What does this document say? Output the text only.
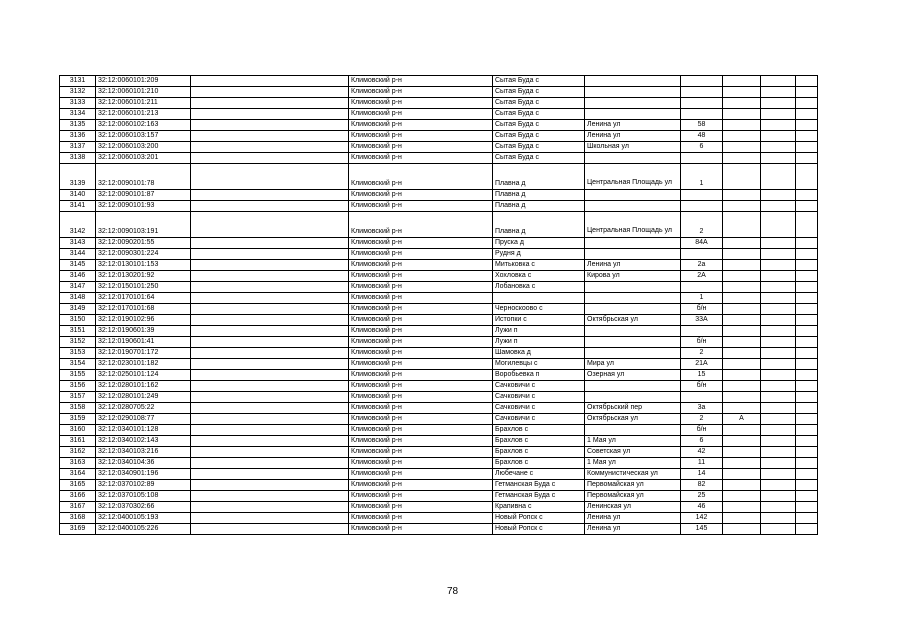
3131	32:12:0060101:209		Климовский р-н	Сытая Буда с					
3132	32:12:0060101:210		Климовский р-н	Сытая Буда с					
3133	32:12:0060101:211		Климовский р-н	Сытая Буда с					
3134	32:12:0060101:213		Климовский р-н	Сытая Буда с					
3135	32:12:0060102:163		Климовский р-н	Сытая Буда с	Ленина ул	58			
3136	32:12:0060103:157		Климовский р-н	Сытая Буда с	Ленина ул	48			
3137	32:12:0060103:200		Климовский р-н	Сытая Буда с	Школьная ул	6			
3138	32:12:0060103:201		Климовский р-н	Сытая Буда с					
3139	32:12:0090101:78		Климовский р-н	Плавна д	Центральная Площадь ул	1			
3140	32:12:0090101:87		Климовский р-н	Плавна д					
3141	32:12:0090101:93		Климовский р-н	Плавна д					
3142	32:12:0090103:191		Климовский р-н	Плавна д	Центральная Площадь ул	2			
3143	32:12:0090201:55		Климовский р-н	Пруска д		84А			
3144	32:12:0090301:224		Климовский р-н	Рудня д					
3145	32:12:0130101:153		Климовский р-н	Митьковка с	Ленина ул	2а			
3146	32:12:0130201:92		Климовский р-н	Хохловка с	Кирова ул	2А			
3147	32:12:0150101:250		Климовский р-н	Лобановка с					
3148	32:12:0170101:64		Климовский р-н			1			
3149	32:12:0170101:68		Климовский р-н	Черноскоово с		б/н			
3150	32:12:0190102:96		Климовский р-н	Истопки с	Октябрьская ул	33А			
3151	32:12:0190601:39		Климовский р-н	Лужи п					
3152	32:12:0190601:41		Климовский р-н	Лужи п		б/н			
3153	32:12:0190701:172		Климовский р-н	Шамовка д		2			
3154	32:12:0230101:182		Климовский р-н	Могилевцы с	Мира ул	21А			
3155	32:12:0250101:124		Климовский р-н	Воробьевка п	Озерная ул	15			
3156	32:12:0280101:162		Климовский р-н	Сачковичи с		б/н			
3157	32:12:0280101:249		Климовский р-н	Сачковичи с					
3158	32:12:0280705:22		Климовский р-н	Сачковичи с	Октябрьский пер	3а			
3159	32:12:0290108:77		Климовский р-н	Сачковичи с	Октябрьская ул	2	А		
3160	32:12:0340101:128		Климовский р-н	Брахлов с		б/н			
3161	32:12:0340102:143		Климовский р-н	Брахлов с	1 Мая ул	6			
3162	32:12:0340103:216		Климовский р-н	Брахлов с	Советская ул	42			
3163	32:12:0340104:36		Климовский р-н	Брахлов с	1 Мая ул	11			
3164	32:12:0340901:196		Климовский р-н	Любечане с	Коммунистическая ул	14			
3165	32:12:0370102:89		Климовский р-н	Гетманская Буда с	Первомайская ул	82			
3166	32:12:0370105:108		Климовский р-н	Гетманская Буда с	Первомайская ул	25			
3167	32:12:0370302:66		Климовский р-н	Крапивна с	Ленинская ул	46			
3168	32:12:0400105:193		Климовский р-н	Новый Ропск с	Ленина ул	142			
3169	32:12:0400105:226		Климовский р-н	Новый Ропск с	Ленина ул	145			
78
